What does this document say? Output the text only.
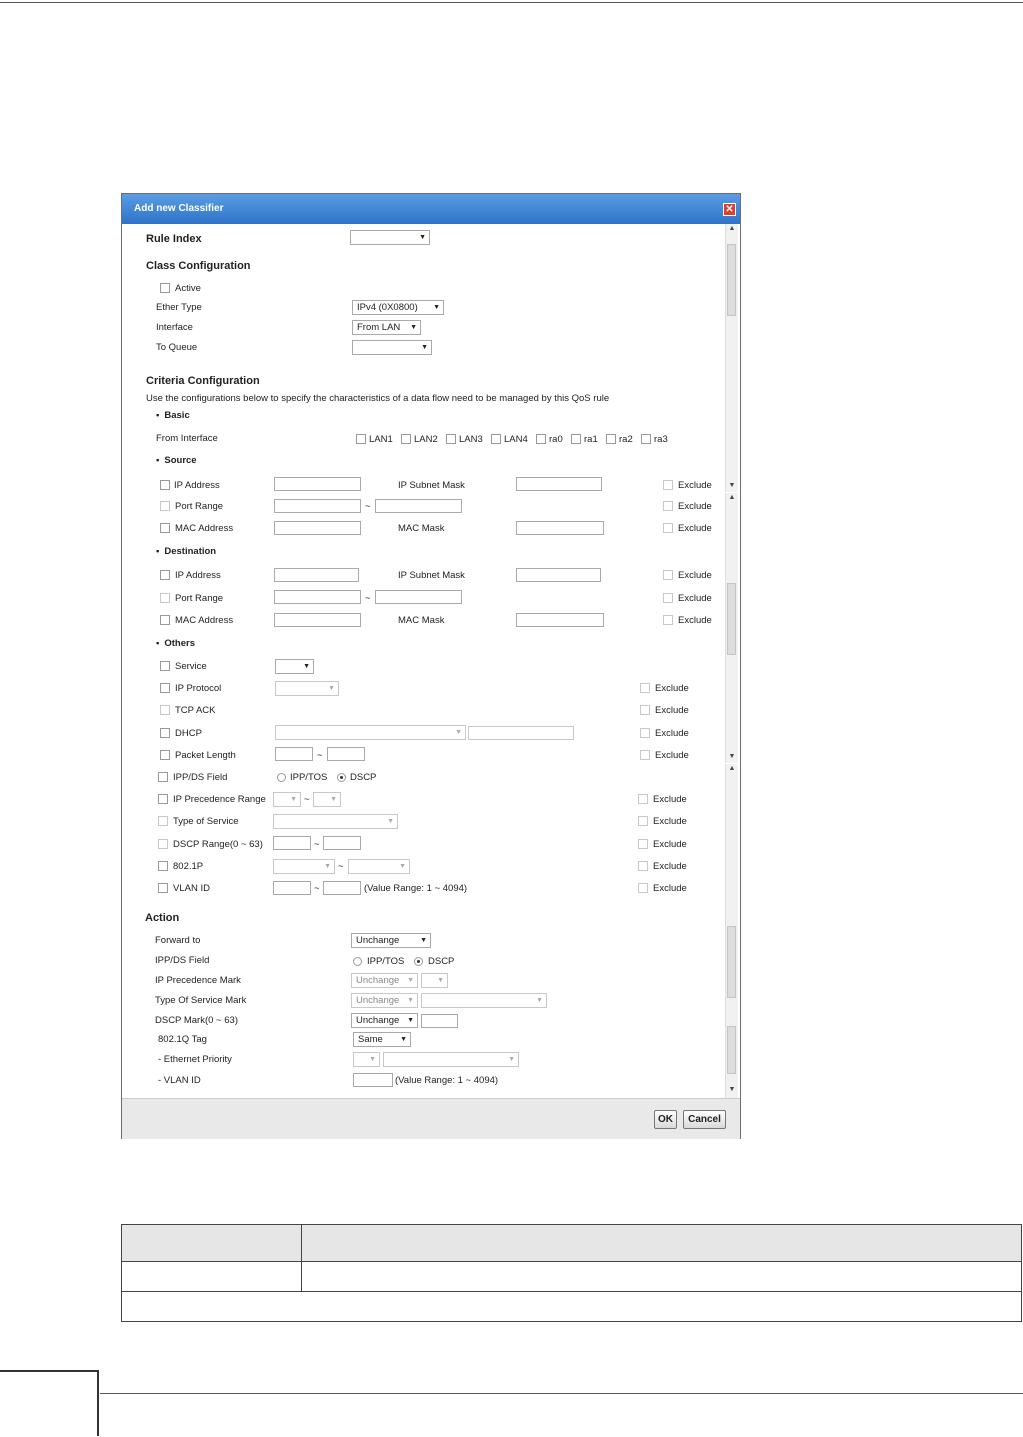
Add new Classifier	✕
Rule Index
▼
Class Configuration
Active
Ether Type	IPv4 (0X0800) ▼
Interface	From LAN ▼
To Queue
▼
Criteria Configuration
Use the configurations below to specify the characteristics of a data flow need to be managed by this QoS rule
▪ Basic
From Interface	LAN1 LAN2 LAN3 LAN4 ra0 ra1 ra2 ra3
▪ Source
IP Address	IP Subnet Mask	Exclude
Port Range	~	Exclude
MAC Address	MAC Mask	Exclude
▪ Destination
IP Address	IP Subnet Mask	Exclude
Port Range	~	Exclude
MAC Address	MAC Mask	Exclude
▪ Others
Service
▼
IP Protocol ▼	Exclude
TCP ACK	Exclude
DHCP ▼	Exclude
Packet Length	~	Exclude
IPP/DS Field	IPP/TOS DSCP
IP Precedence Range ▼	~ ▼	Exclude
Type of Service ▼	Exclude
DSCP Range(0 ~ 63)	~	Exclude
802.1P ▼	~ ▼	Exclude
VLAN ID	~	(Value Range: 1 ~ 4094)	Exclude
Action
Forward to	Unchange ▼
IPP/DS Field	IPP/TOS DSCP
IP Precedence Mark	Unchange ▼
▼
Type Of Service Mark	Unchange ▼
▼
DSCP Mark(0 ~ 63)	Unchange ▼
802.1Q Tag	Same ▼
- Ethernet Priority
▼
▼
- VLAN ID	(Value Range: 1 ~ 4094)
▲
▼
▲
▼
▲
▼
OK	Cancel
